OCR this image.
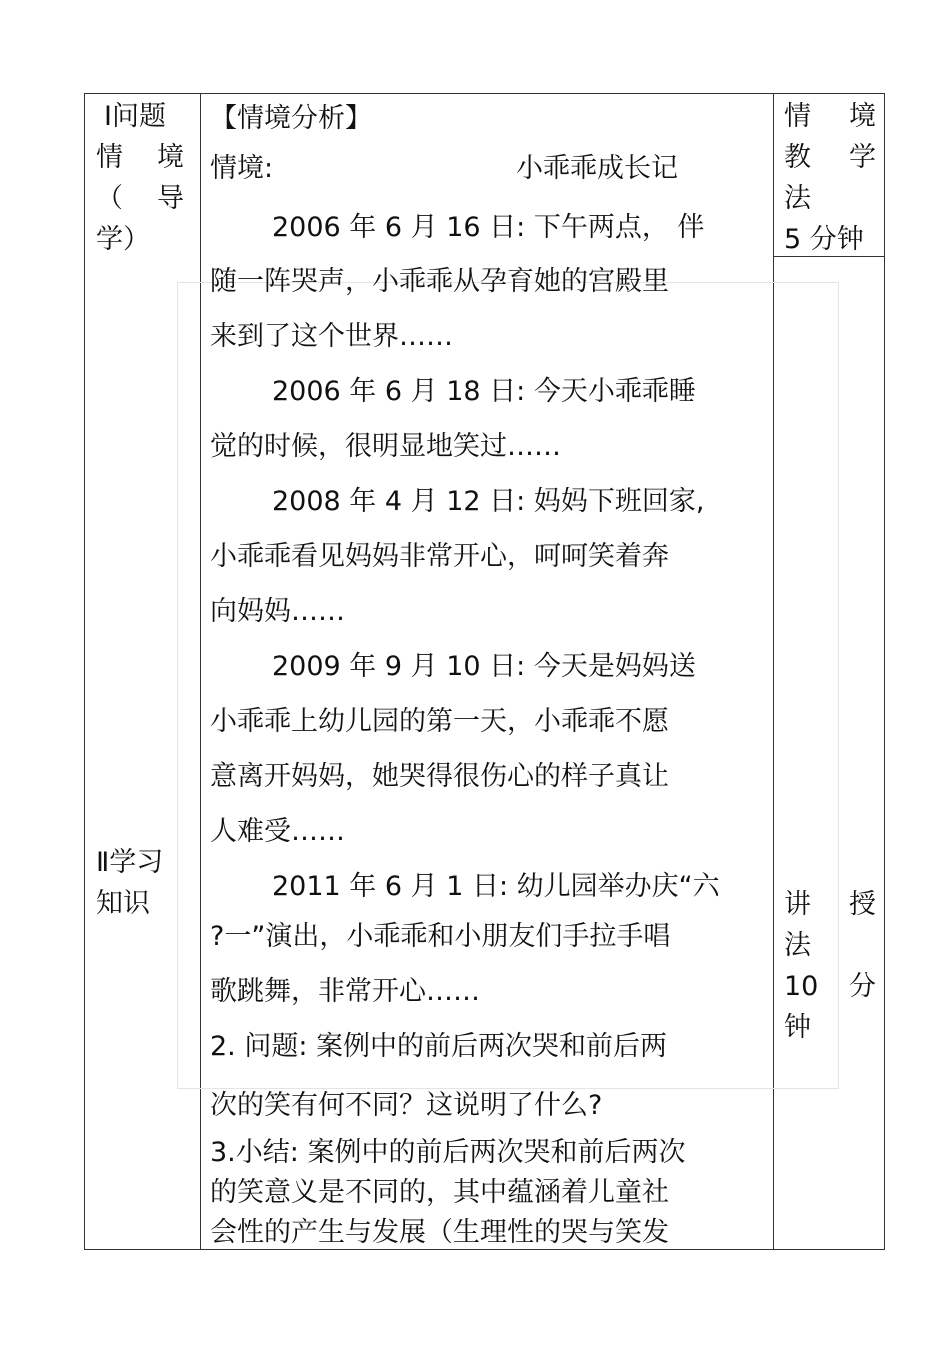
Ⅰ问题
情 境
（ 导
学）
Ⅱ学习
知识
【情境分析】
情境:	小乖乖成长记
2006 年 6 月 16 日: 下午两点， 伴
随一阵哭声，小乖乖从孕育她的宫殿里
来到了这个世界……
2006 年 6 月 18 日: 今天小乖乖睡
觉的时候，很明显地笑过……
2008 年 4 月 12 日: 妈妈下班回家,
小乖乖看见妈妈非常开心，呵呵笑着奔
向妈妈……
2009 年 9 月 10 日: 今天是妈妈送
小乖乖上幼儿园的第一天，小乖乖不愿
意离开妈妈，她哭得很伤心的样子真让
人难受……
2011 年 6 月 1 日: 幼儿园举办庆“六
?一”演出，小乖乖和小朋友们手拉手唱
歌跳舞，非常开心……
2. 问题: 案例中的前后两次哭和前后两
次的笑有何不同？这说明了什么?
3.小结: 案例中的前后两次哭和前后两次
的笑意义是不同的，其中蕴涵着儿童社
会性的产生与发展（生理性的哭与笑发
情 境
教 学
法
5 分钟
讲 授
法
10 分
钟
